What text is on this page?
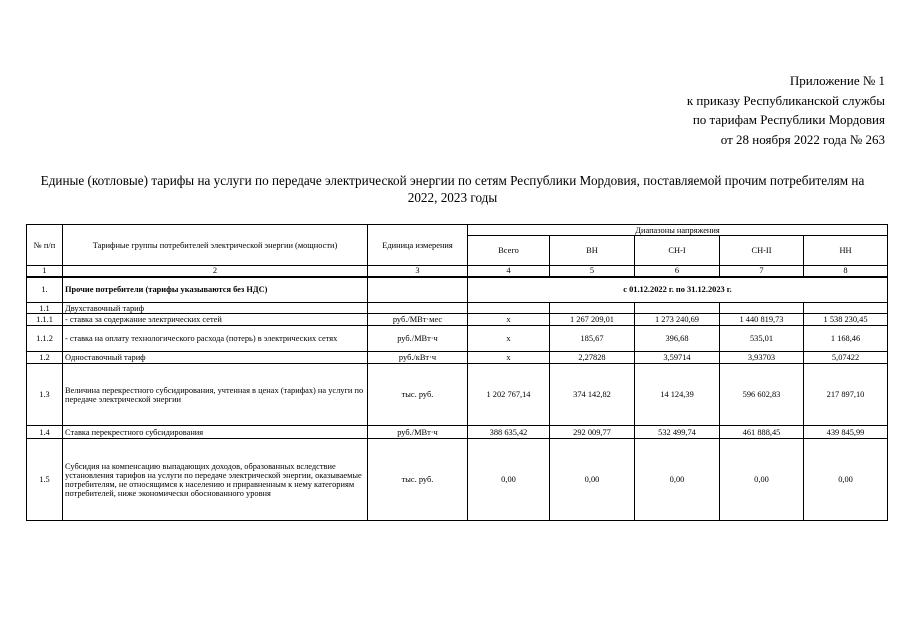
Приложение № 1
к приказу Республиканской службы
по тарифам Республики Мордовия
от 28 ноября 2022 года № 263
Единые (котловые) тарифы на услуги по передаче электрической энергии по сетям Республики Мордовия, поставляемой прочим потребителям на
2022, 2023 годы
№ п/п	Тарифные группы потребителей электрической энергии (мощности)	Единица измерения	Диапазоны напряжения				
			Всего	ВН	СН-I	СН-II	НН
1	2	3	4	5	6	7	8
1.	Прочие потребители (тарифы указываются без НДС)		с 01.12.2022 г. по 31.12.2023 г.				
1.1	Двухставочный тариф						
1.1.1	- ставка за содержание электрических сетей	руб./МВт·мес	х	1 267 209,01	1 273 240,69	1 440 819,73	1 538 230,45
1.1.2	- ставка на оплату технологического расхода (потерь) в электрических сетях	руб./МВт·ч	х	185,67	396,68	535,01	1 168,46
1.2	Одноставочный тариф	руб./кВт·ч	х	2,27828	3,59714	3,93703	5,07422
1.3	Величина перекрестного субсидирования, учтенная в ценах (тарифах) на услуги по передаче электрической энергии	тыс. руб.	1 202 767,14	374 142,82	14 124,39	596 602,83	217 897,10
1.4	Ставка перекрестного субсидирования	руб./МВт·ч	388 635,42	292 009,77	532 499,74	461 888,45	439 845,99
1.5	Субсидия на компенсацию выпадающих доходов, образованных вследствие установления тарифов на услуги по передаче электрической энергии, оказываемые потребителям, не относящимся к населению и приравненным к нему категориям потребителей, ниже экономически обоснованного уровня	тыс. руб.	0,00	0,00	0,00	0,00	0,00
